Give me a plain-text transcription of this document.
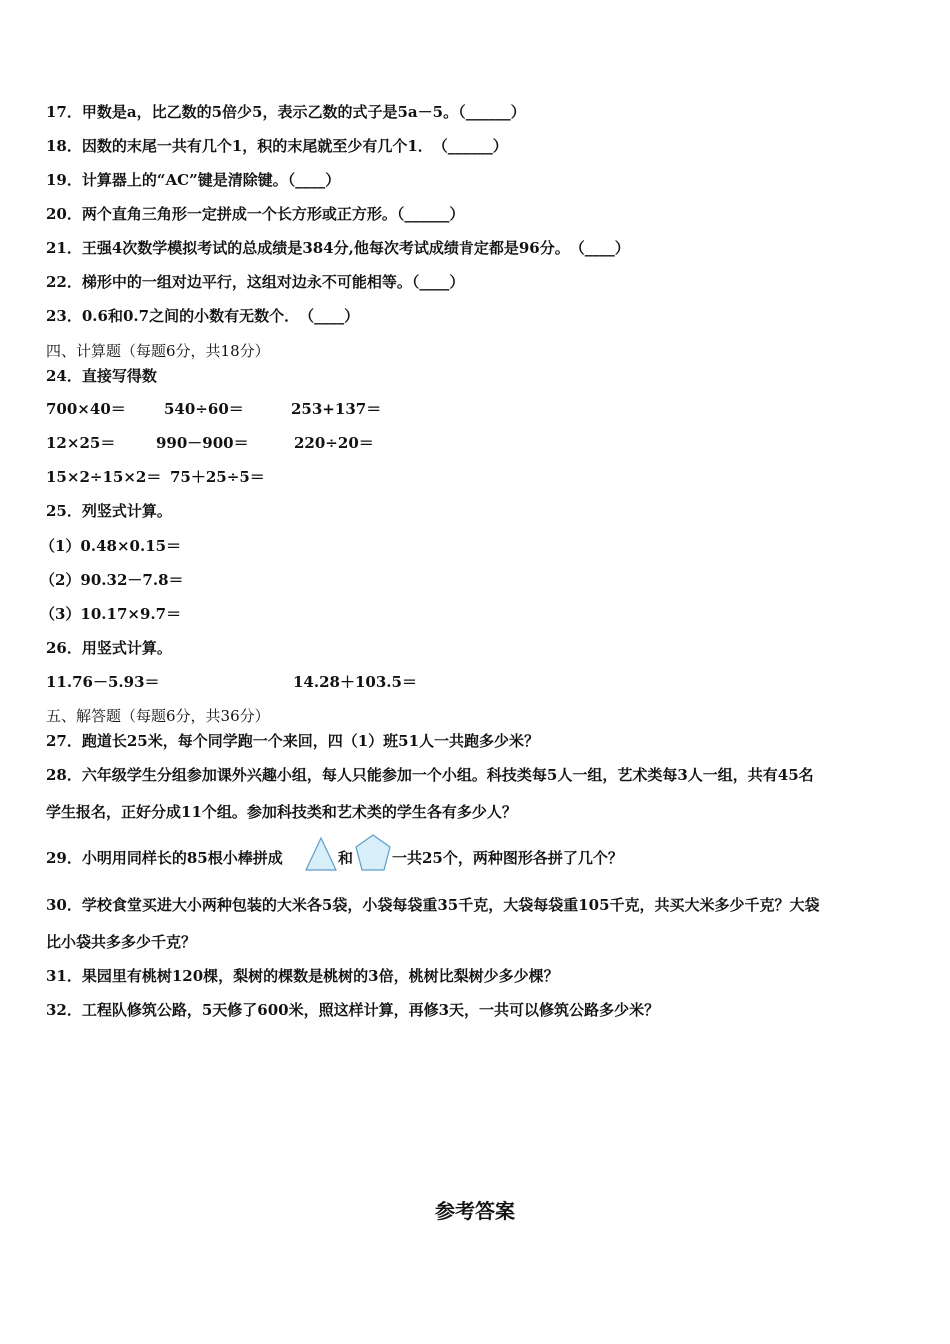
17．甲数是a，比乙数的5倍少5，表示乙数的式子是5a－5。（______）
18．因数的末尾一共有几个1，积的末尾就至少有几个1．　（______）
19．计算器上的“AC”键是清除键。（____）
20．两个直角三角形一定拼成一个长方形或正方形。（______）
21．王强4次数学模拟考试的总成绩是384分,他每次考试成绩肯定都是96分。　（____）
22．梯形中的一组对边平行，这组对边永不可能相等。（____）
23．0.6和0.7之间的小数有无数个．　（____）
四、计算题（每题6分，共18分）
24．直接写得数
700×40＝	540÷60＝	253+137＝
12×25＝	990－900＝	220÷20＝
15×2÷15×2＝ 75＋25÷5＝
25．列竖式计算。
（1）0.48×0.15＝
（2）90.32－7.8＝
（3）10.17×9.7＝
26．用竖式计算。
11.76－5.93＝	14.28＋103.5＝
五、解答题（每题6分，共36分）
27．跑道长25米，每个同学跑一个来回，四（1）班51人一共跑多少米？
28．六年级学生分组参加课外兴趣小组，每人只能参加一个小组。科技类每5人一组，艺术类每3人一组，共有45名
学生报名，正好分成11个组。参加科技类和艺术类的学生各有多少人？
29．小明用同样长的85根小棒拼成	和	一共25个，两种图形各拼了几个？
30．学校食堂买进大小两种包装的大米各5袋，小袋每袋重35千克，大袋每袋重105千克，共买大米多少千克？大袋
比小袋共多多少千克？
31．果园里有桃树120棵，梨树的棵数是桃树的3倍，桃树比梨树少多少棵？
32．工程队修筑公路，5天修了600米，照这样计算，再修3天，一共可以修筑公路多少米？
参考答案
